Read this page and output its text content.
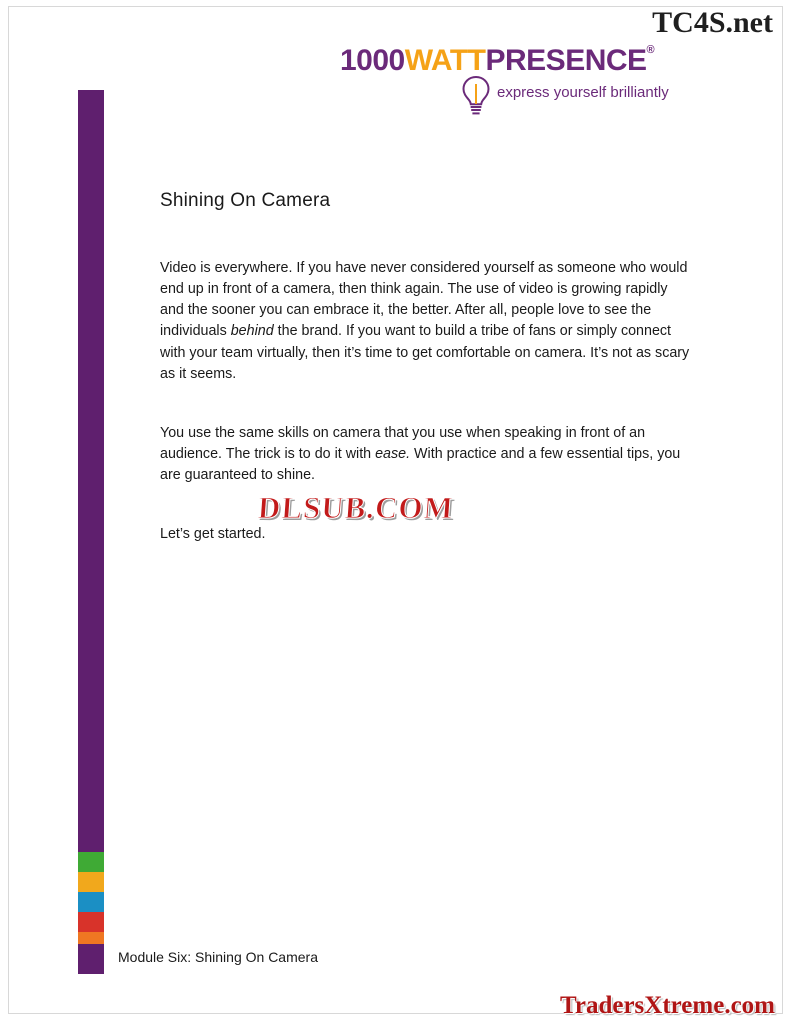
TC4S.net
1000WATTPRESENCE®
express yourself brilliantly
Shining On Camera

Video is everywhere. If you have never considered yourself as someone who would end up in front of a camera, then think again. The use of video is growing rapidly and the sooner you can embrace it, the better. After all, people love to see the individuals behind the brand. If you want to build a tribe of fans or simply connect with your team virtually, then it’s time to get comfortable on camera. It’s not as scary as it seems.

You use the same skills on camera that you use when speaking in front of an audience. The trick is to do it with ease. With practice and a few essential tips, you are guaranteed to shine.

Let’s get started.

DLSUB.COM
Module Six: Shining On Camera
TradersXtreme.com
